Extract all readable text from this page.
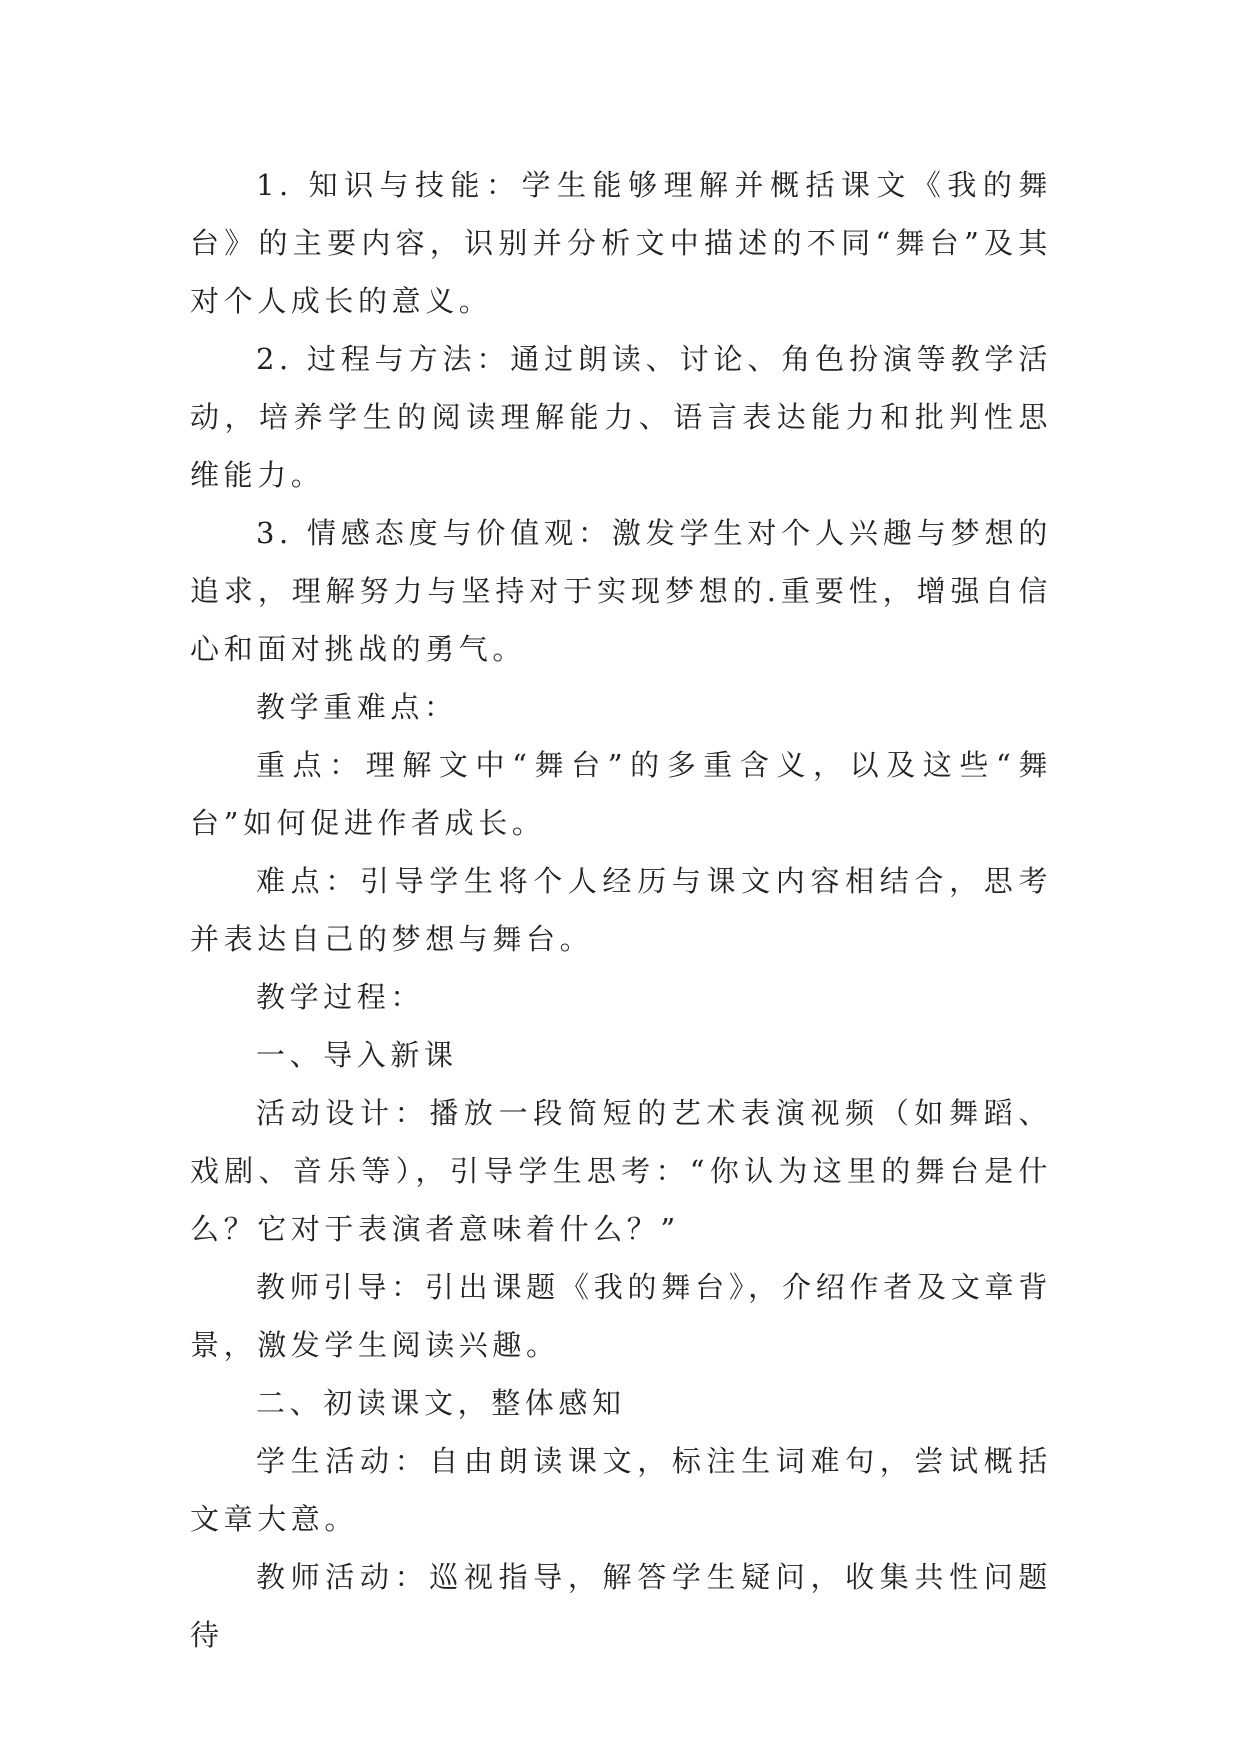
1. 知识与技能：学生能够理解并概括课文《我的舞台》的主要内容，识别并分析文中描述的不同“舞台”及其对个人成长的意义。

2. 过程与方法：通过朗读、讨论、角色扮演等教学活动，培养学生的阅读理解能力、语言表达能力和批判性思维能力。

3. 情感态度与价值观：激发学生对个人兴趣与梦想的追求，理解努力与坚持对于实现梦想的.重要性，增强自信心和面对挑战的勇气。

教学重难点：

重点：理解文中“舞台”的多重含义，以及这些“舞台”如何促进作者成长。

难点：引导学生将个人经历与课文内容相结合，思考并表达自己的梦想与舞台。

教学过程：

一、导入新课

活动设计：播放一段简短的艺术表演视频（如舞蹈、戏剧、音乐等），引导学生思考：“你认为这里的舞台是什么？它对于表演者意味着什么？”

教师引导：引出课题《我的舞台》，介绍作者及文章背景，激发学生阅读兴趣。

二、初读课文，整体感知

学生活动：自由朗读课文，标注生词难句，尝试概括文章大意。

教师活动：巡视指导，解答学生疑问，收集共性问题待
